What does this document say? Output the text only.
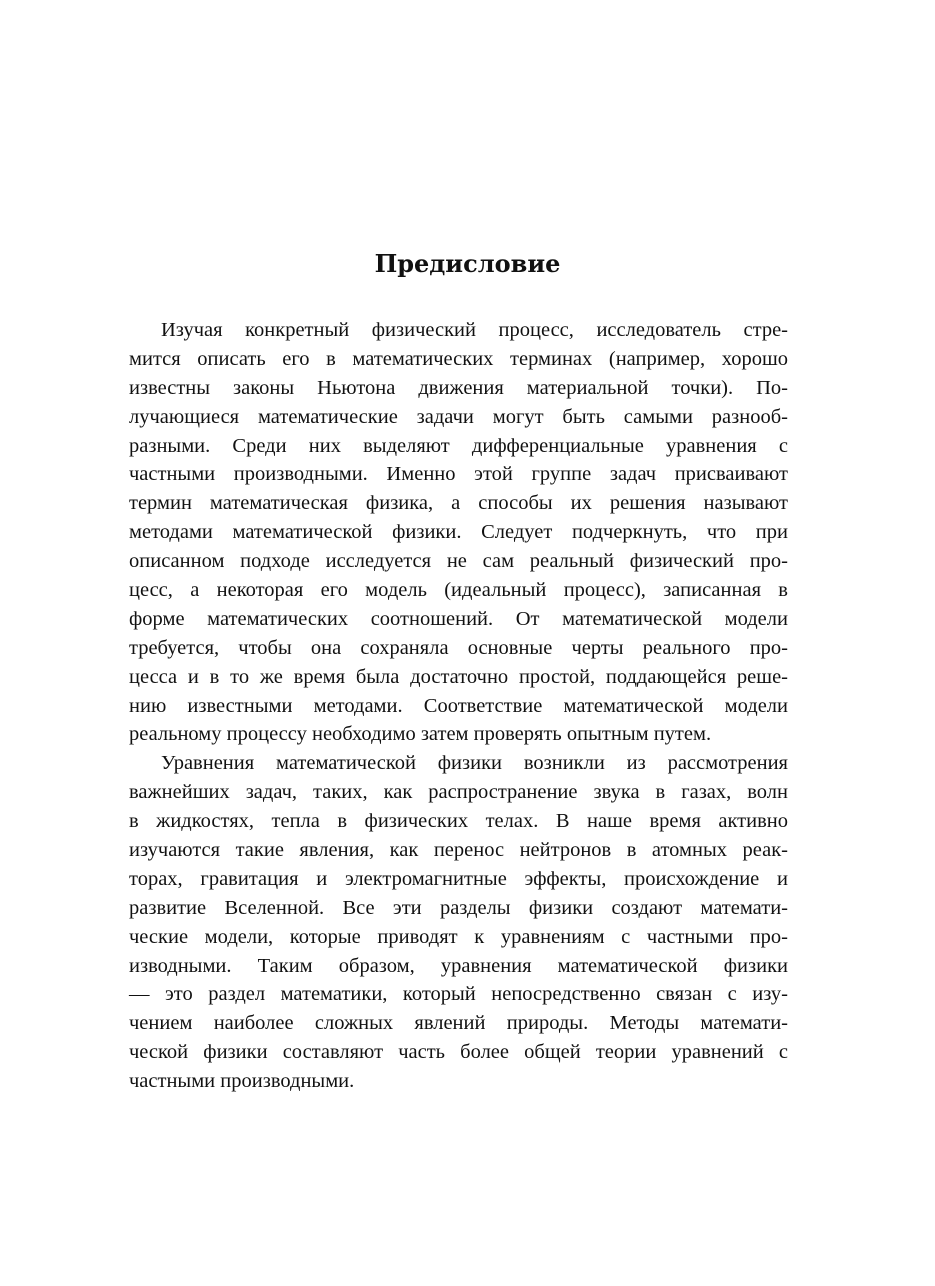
Предисловие
Изучая конкретный физический процесс, исследователь стре-
мится описать его в математических терминах (например, хорошо
известны законы Ньютона движения материальной точки). По-
лучающиеся математические задачи могут быть самыми разнооб-
разными. Среди них выделяют дифференциальные уравнения с
частными производными. Именно этой группе задач присваивают
термин математическая физика, а способы их решения называют
методами математической физики. Следует подчеркнуть, что при
описанном подходе исследуется не сам реальный физический про-
цесс, а некоторая его модель (идеальный процесс), записанная в
форме математических соотношений. От математической модели
требуется, чтобы она сохраняла основные черты реального про-
цесса и в то же время была достаточно простой, поддающейся реше-
нию известными методами. Соответствие математической модели
реальному процессу необходимо затем проверять опытным путем.
Уравнения математической физики возникли из рассмотрения
важнейших задач, таких, как распространение звука в газах, волн
в жидкостях, тепла в физических телах. В наше время активно
изучаются такие явления, как перенос нейтронов в атомных реак-
торах, гравитация и электромагнитные эффекты, происхождение и
развитие Вселенной. Все эти разделы физики создают математи-
ческие модели, которые приводят к уравнениям с частными про-
изводными. Таким образом, уравнения математической физики
— это раздел математики, который непосредственно связан с изу-
чением наиболее сложных явлений природы. Методы математи-
ческой физики составляют часть более общей теории уравнений с
частными производными.
